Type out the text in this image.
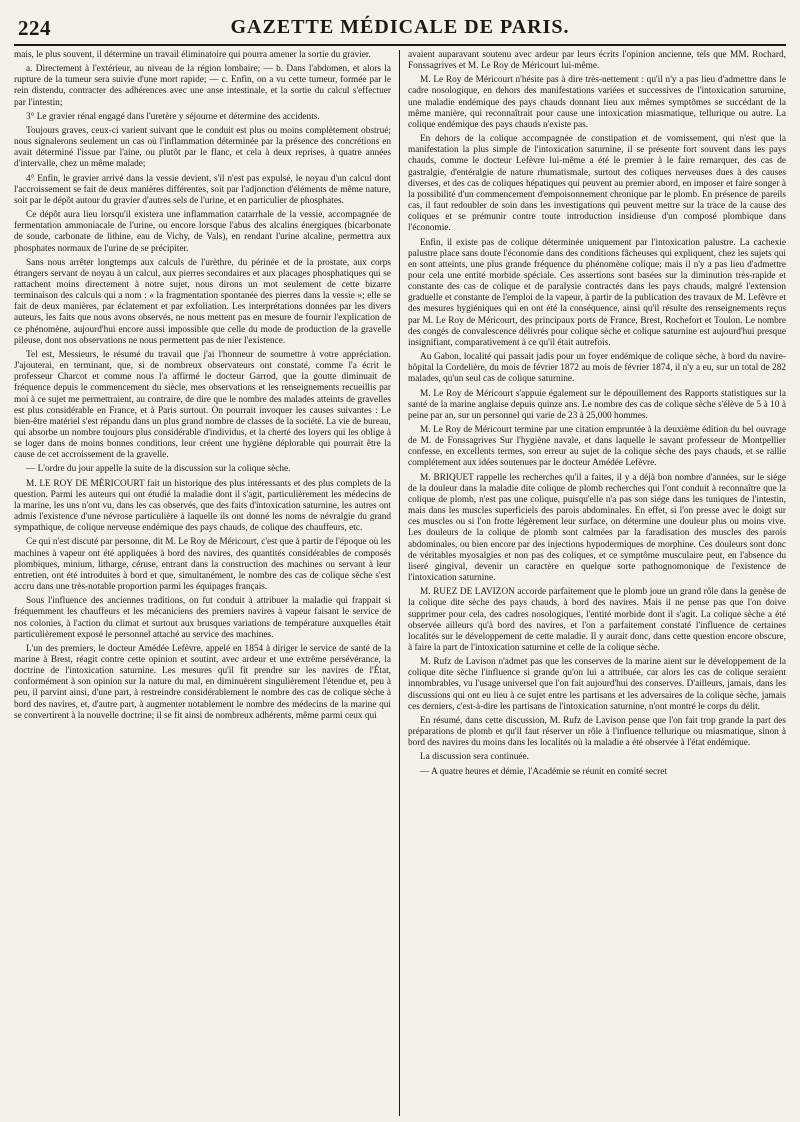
224	GAZETTE MÉDICALE DE PARIS.

mais, le plus souvent, il détermine un travail éliminatoire qui pourra amener la sortie du gravier.

a. Directement à l'extérieur, au niveau de la région lombaire; — b. Dans l'abdomen, et alors la rupture de la tumeur sera suivie d'une mort rapide; — c. Enfin, on a vu cette tumeur, formée par le rein distendu, contracter des adhérences avec une anse intestinale, et la sortie du calcul s'effectuer par l'intestin;

3° Le gravier rénal engagé dans l'uretère y séjourne et détermine des accidents.

Toujours graves, ceux-ci varient suivant que le conduit est plus ou moins complètement obstrué; nous signalerons seulement un cas où l'inflammation déterminée par la présence des concrétions en avait déterminé l'issue par l'aine, ou plutôt par le flanc, et cela à deux reprises, à quatre années d'intervalle, chez un même malade;

4° Enfin, le gravier arrivé dans la vessie devient, s'il n'est pas expulsé, le noyau d'un calcul dont l'accroissement se fait de deux manières différentes, soit par l'adjonction d'éléments de même nature, soit par le dépôt autour du gravier d'autres sels de l'urine, et en particulier de phosphates.

Ce dépôt aura lieu lorsqu'il existera une inflammation catarrhale de la vessie, accompagnée de fermentation ammoniacale de l'urine, ou encore lorsque l'abus des alcalins énergiques (bicarbonate de soude, carbonate de lithine, eau de Vichy, de Vals), en rendant l'urine alcaline, permettra aux phosphates normaux de l'urine de se précipiter.

Sans nous arrêter longtemps aux calculs de l'urèthre, du périnée et de la prostate, aux corps étrangers servant de noyau à un calcul, aux pierres secondaires et aux placages phosphatiques qui se rattachent moins directement à notre sujet, nous dirons un mot seulement de cette bizarre terminaison des calculs qui a nom : « la fragmentation spontanée des pierres dans la vessie »; elle se fait de deux manières, par éclatement et par exfoliation. Les interprétations données par les divers auteurs, les faits que nous avons observés, ne nous mettent pas en mesure de fournir l'explication de ce phénomène, aujourd'hui encore aussi impossible que celle du mode de production de la gravelle pileuse, dont nos observations ne nous permettent pas de nier l'existence.

Tel est, Messieurs, le résumé du travail que j'ai l'honneur de soumettre à votre appréciation. J'ajouterai, en terminant, que, si de nombreux observateurs ont constaté, comme l'a écrit le professeur Charcot et comme nous l'a affirmé le docteur Garrod, que la goutte diminuait de fréquence depuis le commencement du siècle, mes observations et les renseignements recueillis par moi à ce sujet me permettraient, au contraire, de dire que le nombre des malades atteints de gravelles est plus considérable en France, et à Paris surtout. On pourrait invoquer les causes suivantes : Le bien-être matériel s'est répandu dans un plus grand nombre de classes de la société. La vie de bureau, qui absorbe un nombre toujours plus considérable d'individus, et la cherté des loyers qui les oblige à se loger dans de moins bonnes conditions, leur créent une hygiène déplorable qui pourrait être la cause de cet accroissement de la gravelle.

— L'ordre du jour appelle la suite de la discussion sur la colique sèche.

M. LE ROY DE MÉRICOURT fait un historique des plus intéressants et des plus complets de la question. Parmi les auteurs qui ont étudié la maladie dont il s'agit, particulièrement les médecins de la marine, les uns n'ont vu, dans les cas observés, que des faits d'intoxication saturnine, les autres ont admis l'existence d'une névrose particulière à laquelle ils ont donné les noms de névralgie du grand sympathique, de colique nerveuse endémique des pays chauds, de colique des chauffeurs, etc.

Ce qui n'est discuté par personne, dit M. Le Roy de Méricourt, c'est que à partir de l'époque où les machines à vapeur ont été appliquées à bord des navires, des quantités considérables de composés plombiques, minium, litharge, céruse, entrant dans la construction des machines ou servant à leur entretien, ont été introduites à bord et que, simultanément, le nombre des cas de colique sèche s'est accru dans une très-notable proportion parmi les équipages français.

Sous l'influence des anciennes traditions, on fut conduit à attribuer la maladie qui frappait si fréquemment les chauffeurs et les mécaniciens des premiers navires à vapeur faisant le service de nos colonies, à l'action du climat et surtout aux brusques variations de température auxquelles était particulièrement exposé le personnel attaché au service des machines.

L'un des premiers, le docteur Amédée Lefèvre, appelé en 1854 à diriger le service de santé de la marine à Brest, réagit contre cette opinion et soutint, avec ardeur et une extrême persévérance, la doctrine de l'intoxication saturnine. Les mesures qu'il fit prendre sur les navires de l'État, conformément à son opinion sur la nature du mal, en diminuèrent singulièrement l'étendue et, peu à peu, il parvint ainsi, d'une part, à restreindre considérablement le nombre des cas de colique sèche à bord des navires, et, d'autre part, à augmenter notablement le nombre des médecins de la marine qui se convertirent à la nouvelle doctrine; il se fit ainsi de nombreux adhérents, même parmi ceux qui

avaient auparavant soutenu avec ardeur par leurs écrits l'opinion ancienne, tels que MM. Rochard, Fonssagrives et M. Le Roy de Méricourt lui-même.

M. Le Roy de Méricourt n'hésite pas à dire très-nettement : qu'il n'y a pas lieu d'admettre dans le cadre nosologique, en dehors des manifestations variées et successives de l'intoxication saturnine, une maladie endémique des pays chauds donnant lieu aux mêmes symptômes se succédant de la même manière, qui reconnaîtrait pour cause une intoxication miasmatique, tellurique ou autre. La colique endémique des pays chauds n'existe pas.

En dehors de la colique accompagnée de constipation et de vomissement, qui n'est que la manifestation la plus simple de l'intoxication saturnine, il se présente fort souvent dans les pays chauds, comme le docteur Lefèvre lui-même a été le premier à le faire remarquer, des cas de gastralgie, d'entéralgie de nature rhumatismale, surtout des coliques nerveuses dues à des causes diverses, et des cas de coliques hépatiques qui peuvent au premier abord, en imposer et faire songer à la possibilité d'un commencement d'empoisonnement chronique par le plomb. En présence de pareils cas, il faut redoubler de soin dans les investigations qui peuvent mettre sur la trace de la cause des coliques et se prémunir contre toute introduction insidieuse d'un composé plombique dans l'économie.

Enfin, il existe pas de colique déterminée uniquement par l'intoxication palustre. La cachexie palustre place sans doute l'économie dans des conditions fâcheuses qui expliquent, chez les sujets qui en sont atteints, une plus grande fréquence du phénomène colique; mais il n'y a pas lieu d'admettre pour cela une entité morbide spéciale. Ces assertions sont basées sur la diminution très-rapide et constante des cas de colique et de paralysie contractés dans les pays chauds, malgré l'extension graduelle et constante de l'emploi de la vapeur, à partir de la publication des travaux de M. Lefèvre et des mesures hygiéniques qui en ont été la conséquence, ainsi qu'il résulte des renseignements reçus par M. Le Roy de Méricourt, des principaux ports de France, Brest, Rochefort et Toulon. Le nombre des congés de convalescence délivrés pour colique sèche et colique saturnine est aujourd'hui presque insignifiant, comparativement à ce qu'il était autrefois.

Au Gabon, localité qui passait jadis pour un foyer endémique de colique sèche, à bord du navire-hôpital la Cordelière, du mois de février 1872 au mois de février 1874, il n'y a eu, sur un total de 282 malades, qu'un seul cas de colique saturnine.

M. Le Roy de Méricourt s'appuie également sur le dépouillement des Rapports statistiques sur la santé de la marine anglaise depuis quinze ans. Le nombre des cas de colique sèche s'élève de 5 à 10 à peine par an, sur un personnel qui varie de 23 à 25,000 hommes.

M. Le Roy de Méricourt termine par une citation empruntée à la deuxième édition du bel ouvrage de M. de Fonssagrives Sur l'hygiène navale, et dans laquelle le savant professeur de Montpellier confesse, en excellents termes, son erreur au sujet de la colique sèche des pays chauds, et se rallie complétement aux idées soutenues par le docteur Amédée Lefèvre.

M. BRIQUET rappelle les recherches qu'il a faites, il y a déjà bon nombre d'années, sur le siége de la douleur dans la maladie dite colique de plomb recherches qui l'ont conduit à reconnaître que la colique de plomb, n'est pas une colique, puisqu'elle n'a pas son siége dans les tuniques de l'intestin, mais dans les muscles superficiels des parois abdominales. En effet, si l'on presse avec le doigt sur ces muscles ou si l'on frotte légèrement leur surface, on détermine une douleur plus ou moins vive. Les douleurs de la colique de plomb sont calmées par la faradisation des muscles des parois abdominales, ou bien encore par des injections hypodermiques de morphine. Ces douleurs sont donc de véritables myosalgies et non pas des coliques, et ce symptôme musculaire peut, en l'absence du liseré gingival, devenir un caractère en quelque sorte pathognomonique de l'existence de l'intoxication saturnine.

M. RUEZ DE LAVIZON accorde parfaitement que le plomb joue un grand rôle dans la genèse de la colique dite sèche des pays chauds, à bord des navires. Mais il ne pense pas que l'on doive supprimer pour cela, des cadres nosologiques, l'entité morbide dont il s'agit. La colique sèche a été observée ailleurs qu'à bord des navires, et l'on a parfaitement constaté l'influence de certaines localités sur le développement de cette maladie. Il y aurait donc, dans cette question encore obscure, à faire la part de l'intoxication saturnine et celle de la colique sèche.

M. Rufz de Lavison n'admet pas que les conserves de la marine aient sur le développement de la colique dite sèche l'influence si grande qu'on lui a attribuée, car alors les cas de colique seraient innombrables, vu l'usage universel que l'on fait aujourd'hui des conserves. D'ailleurs, jamais, dans les discussions qui ont eu lieu à ce sujet entre les partisans et les adversaires de la colique sèche, jamais ces derniers, c'est-à-dire les partisans de l'intoxication saturnine, n'ont montré le corps du délit.

En résumé, dans cette discussion, M. Rufz de Lavison pense que l'on fait trop grande la part des préparations de plomb et qu'il faut réserver un rôle à l'influence tellurique ou miasmatique, sinon à bord des navires du moins dans les localités où la maladie a été observée à l'état endémique.

La discussion sera continuée.

— A quatre heures et démie, l'Académie se réunit en comité secret
